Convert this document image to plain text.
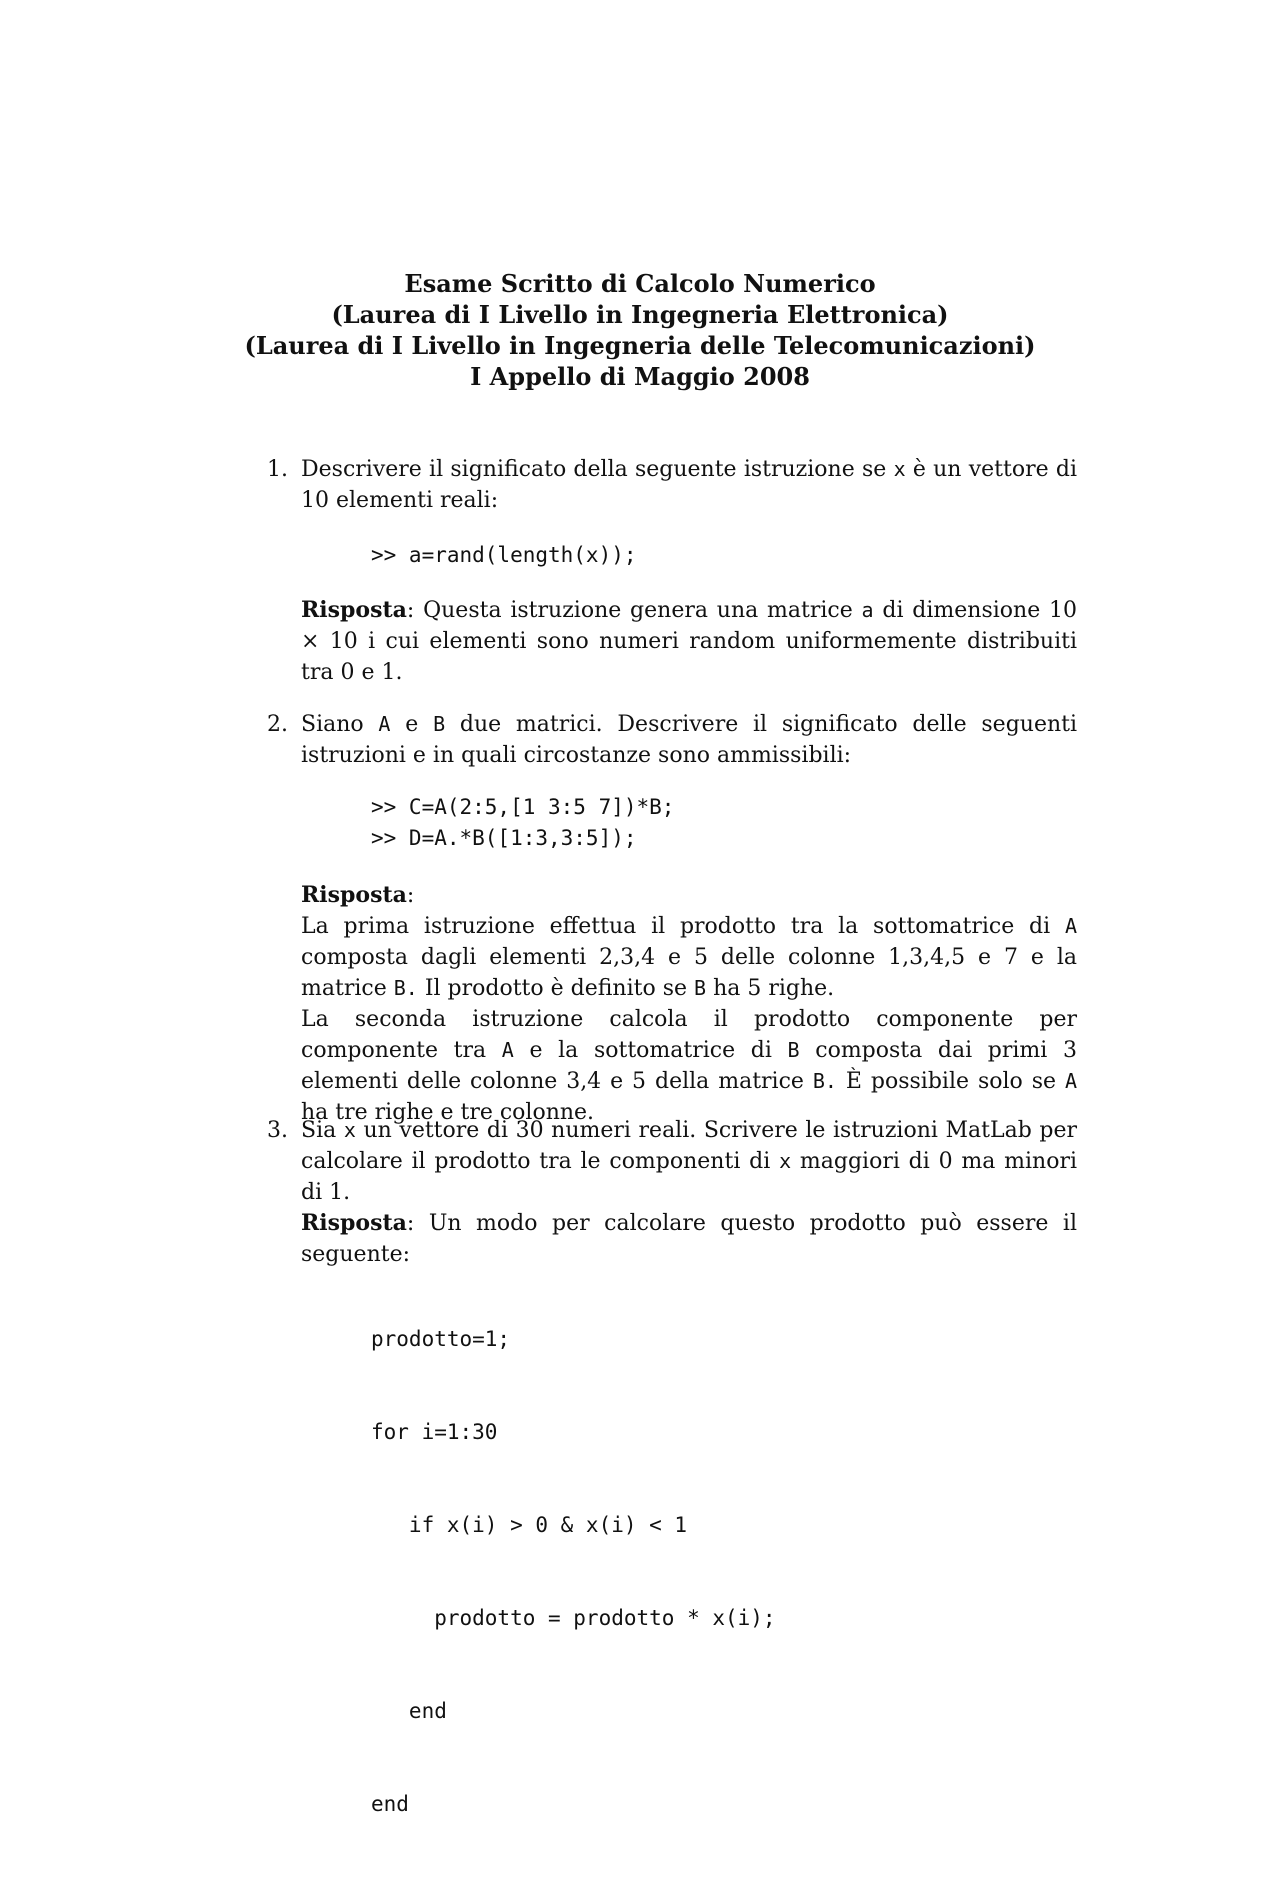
Esame Scritto di Calcolo Numerico
(Laurea di I Livello in Ingegneria Elettronica)
(Laurea di I Livello in Ingegneria delle Telecomunicazioni)
I Appello di Maggio 2008
1. Descrivere il significato della seguente istruzione se x è un vettore di 10 elementi reali:
>> a=rand(length(x));
Risposta: Questa istruzione genera una matrice a di dimensione 10 × 10 i cui elementi sono numeri random uniformemente distribuiti tra 0 e 1.
2. Siano A e B due matrici. Descrivere il significato delle seguenti istruzioni e in quali circostanze sono ammissibili:
>> C=A(2:5,[1 3:5 7])*B;
>> D=A.*B([1:3,3:5]);
Risposta:
La prima istruzione effettua il prodotto tra la sottomatrice di A composta dagli elementi 2,3,4 e 5 delle colonne 1,3,4,5 e 7 e la matrice B. Il prodotto è definito se B ha 5 righe.
La seconda istruzione calcola il prodotto componente per componente tra A e la sottomatrice di B composta dai primi 3 elementi delle colonne 3,4 e 5 della matrice B. È possibile solo se A ha tre righe e tre colonne.
3. Sia x un vettore di 30 numeri reali. Scrivere le istruzioni MatLab per calcolare il prodotto tra le componenti di x maggiori di 0 ma minori di 1.
Risposta: Un modo per calcolare questo prodotto può essere il seguente:

prodotto=1;

for i=1:30

if x(i) > 0 & x(i) < 1

prodotto = prodotto * x(i);

end

end
